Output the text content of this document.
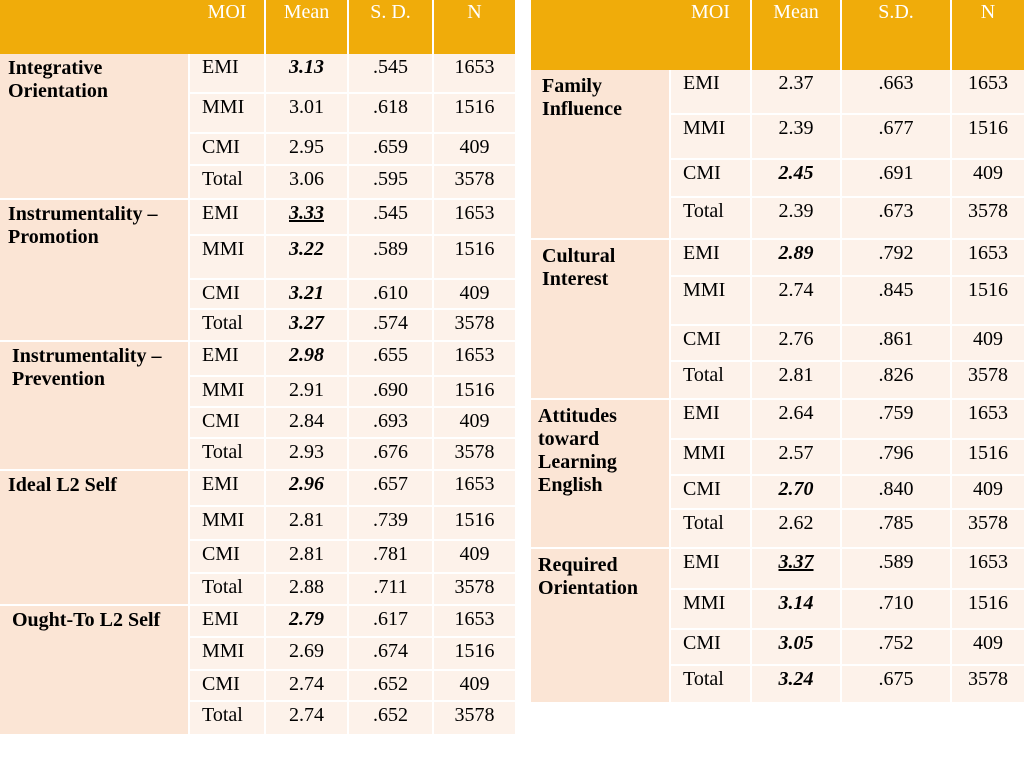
MOI	Mean	S. D.	N
Integrative Orientation
EMI	3.13	.545	1653
MMI	3.01	.618	1516
CMI	2.95	.659	409
Total	3.06	.595	3578
Instrumentality – Promotion
EMI	3.33	.545	1653
MMI	3.22	.589	1516
CMI	3.21	.610	409
Total	3.27	.574	3578
Instrumentality – Prevention
EMI	2.98	.655	1653
MMI	2.91	.690	1516
CMI	2.84	.693	409
Total	2.93	.676	3578
Ideal L2 Self	EMI	2.96	.657	1653
MMI	2.81	.739	1516
CMI	2.81	.781	409
Total	2.88	.711	3578
Ought-To L2 Self	EMI	2.79	.617	1653
MMI	2.69	.674	1516
CMI	2.74	.652	409
Total	2.74	.652	3578
MOI	Mean	S.D.	N
Family Influence
EMI	2.37	.663	1653
MMI	2.39	.677	1516
CMI	2.45	.691	409
Total	2.39	.673	3578
Cultural Interest
EMI	2.89	.792	1653
MMI	2.74	.845	1516
CMI	2.76	.861	409
Total	2.81	.826	3578
Attitudes toward Learning English
EMI	2.64	.759	1653
MMI	2.57	.796	1516
CMI	2.70	.840	409
Total	2.62	.785	3578
Required Orientation
EMI	3.37	.589	1653
MMI	3.14	.710	1516
CMI	3.05	.752	409
Total	3.24	.675	3578
